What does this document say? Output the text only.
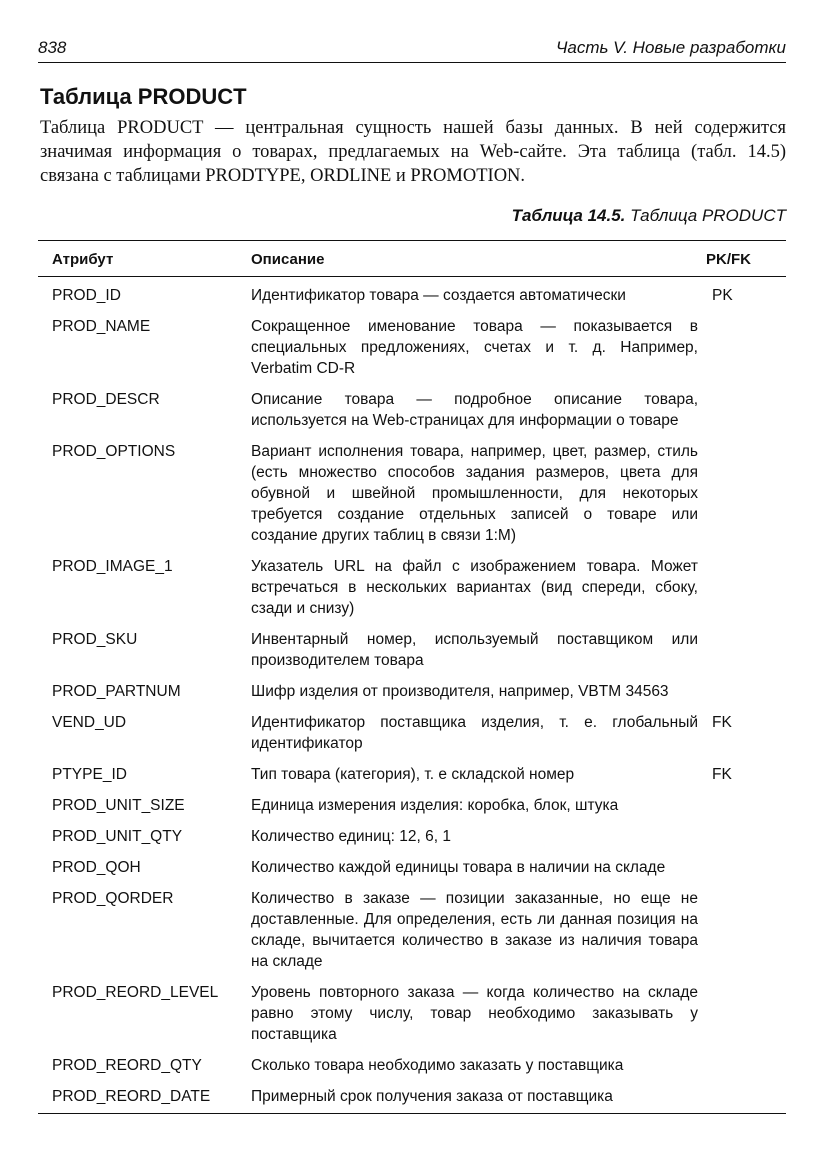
838	Часть V. Новые разработки
Таблица PRODUCT

Таблица PRODUCT — центральная сущность нашей базы данных. В ней содержится значимая информация о товарах, предлагаемых на Web-сайте. Эта таблица (табл. 14.5) связана с таблицами PRODTYPE, ORDLINE и PROMOTION.

Таблица 14.5. Таблица PRODUCT
Атрибут	Описание	PK/FK
PROD_ID	Идентификатор товара — создается автоматически	PK
PROD_NAME	Сокращенное именование товара — показывается в специальных предложениях, счетах и т. д. Например, Verbatim CD-R	
PROD_DESCR	Описание товара — подробное описание товара, используется на Web-страницах для информации о товаре	
PROD_OPTIONS	Вариант исполнения товара, например, цвет, размер, стиль (есть множество способов задания размеров, цвета для обувной и швейной промышленности, для некоторых требуется создание отдельных записей о товаре или создание других таблиц в связи 1:M)	
PROD_IMAGE_1	Указатель URL на файл с изображением товара. Может встречаться в нескольких вариантах (вид спереди, сбоку, сзади и снизу)	
PROD_SKU	Инвентарный номер, используемый поставщиком или производителем товара	
PROD_PARTNUM	Шифр изделия от производителя, например, VBTM 34563	
VEND_UD	Идентификатор поставщика изделия, т. е. глобальный идентификатор	FK
PTYPE_ID	Тип товара (категория), т. е складской номер	FK
PROD_UNIT_SIZE	Единица измерения изделия: коробка, блок, штука	
PROD_UNIT_QTY	Количество единиц: 12, 6, 1	
PROD_QOH	Количество каждой единицы товара в наличии на складе	
PROD_QORDER	Количество в заказе — позиции заказанные, но еще не доставленные. Для определения, есть ли данная позиция на складе, вычитается количество в заказе из наличия товара на складе	
PROD_REORD_LEVEL	Уровень повторного заказа — когда количество на складе равно этому числу, товар необходимо заказывать у поставщика	
PROD_REORD_QTY	Сколько товара необходимо заказать у поставщика	
PROD_REORD_DATE	Примерный срок получения заказа от поставщика	
